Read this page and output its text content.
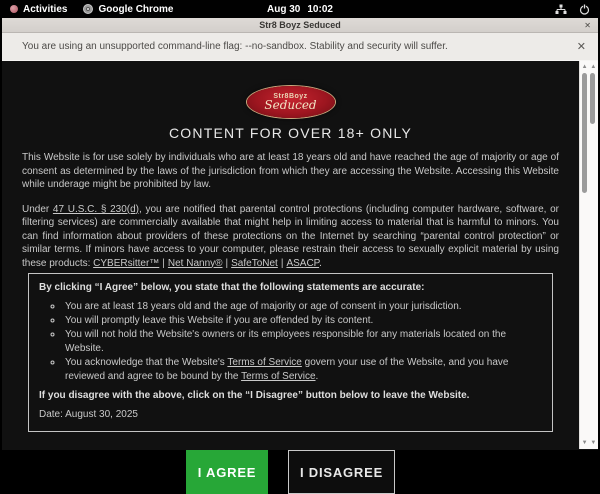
Activities	Google Chrome	Aug 30 10:02
Str8 Boyz Seduced	✕
You are using an unsupported command-line flag: --no-sandbox. Stability and security will suffer.	✕
Str8Boyz
Seduced
CONTENT FOR OVER 18+ ONLY

This Website is for use solely by individuals who are at least 18 years old and have reached the age of majority or age of consent as determined by the laws of the jurisdiction from which they are accessing the Website. Accessing this Website while underage might be prohibited by law.

Under 47 U.S.C. § 230(d), you are notified that parental control protections (including computer hardware, software, or filtering services) are commercially available that might help in limiting access to material that is harmful to minors. You can find information about providers of these protections on the Internet by searching “parental control protection” or similar terms. If minors have access to your computer, please restrain their access to sexually explicit material by using these products: CYBERsitter™ | Net Nanny® | SafeToNet | ASACP.

By clicking “I Agree” below, you state that the following statements are accurate:

◦ You are at least 18 years old and the age of majority or age of consent in your jurisdiction.
◦ You will promptly leave this Website if you are offended by its content.
◦ You will not hold the Website's owners or its employees responsible for any materials located on the Website.
◦ You acknowledge that the Website's Terms of Service govern your use of the Website, and you have reviewed and agree to be bound by the Terms of Service.

If you disagree with the above, click on the “I Disagree” button below to leave the Website.

Date: August 30, 2025

I AGREE	I DISAGREE
▲
▼
▲
▼
